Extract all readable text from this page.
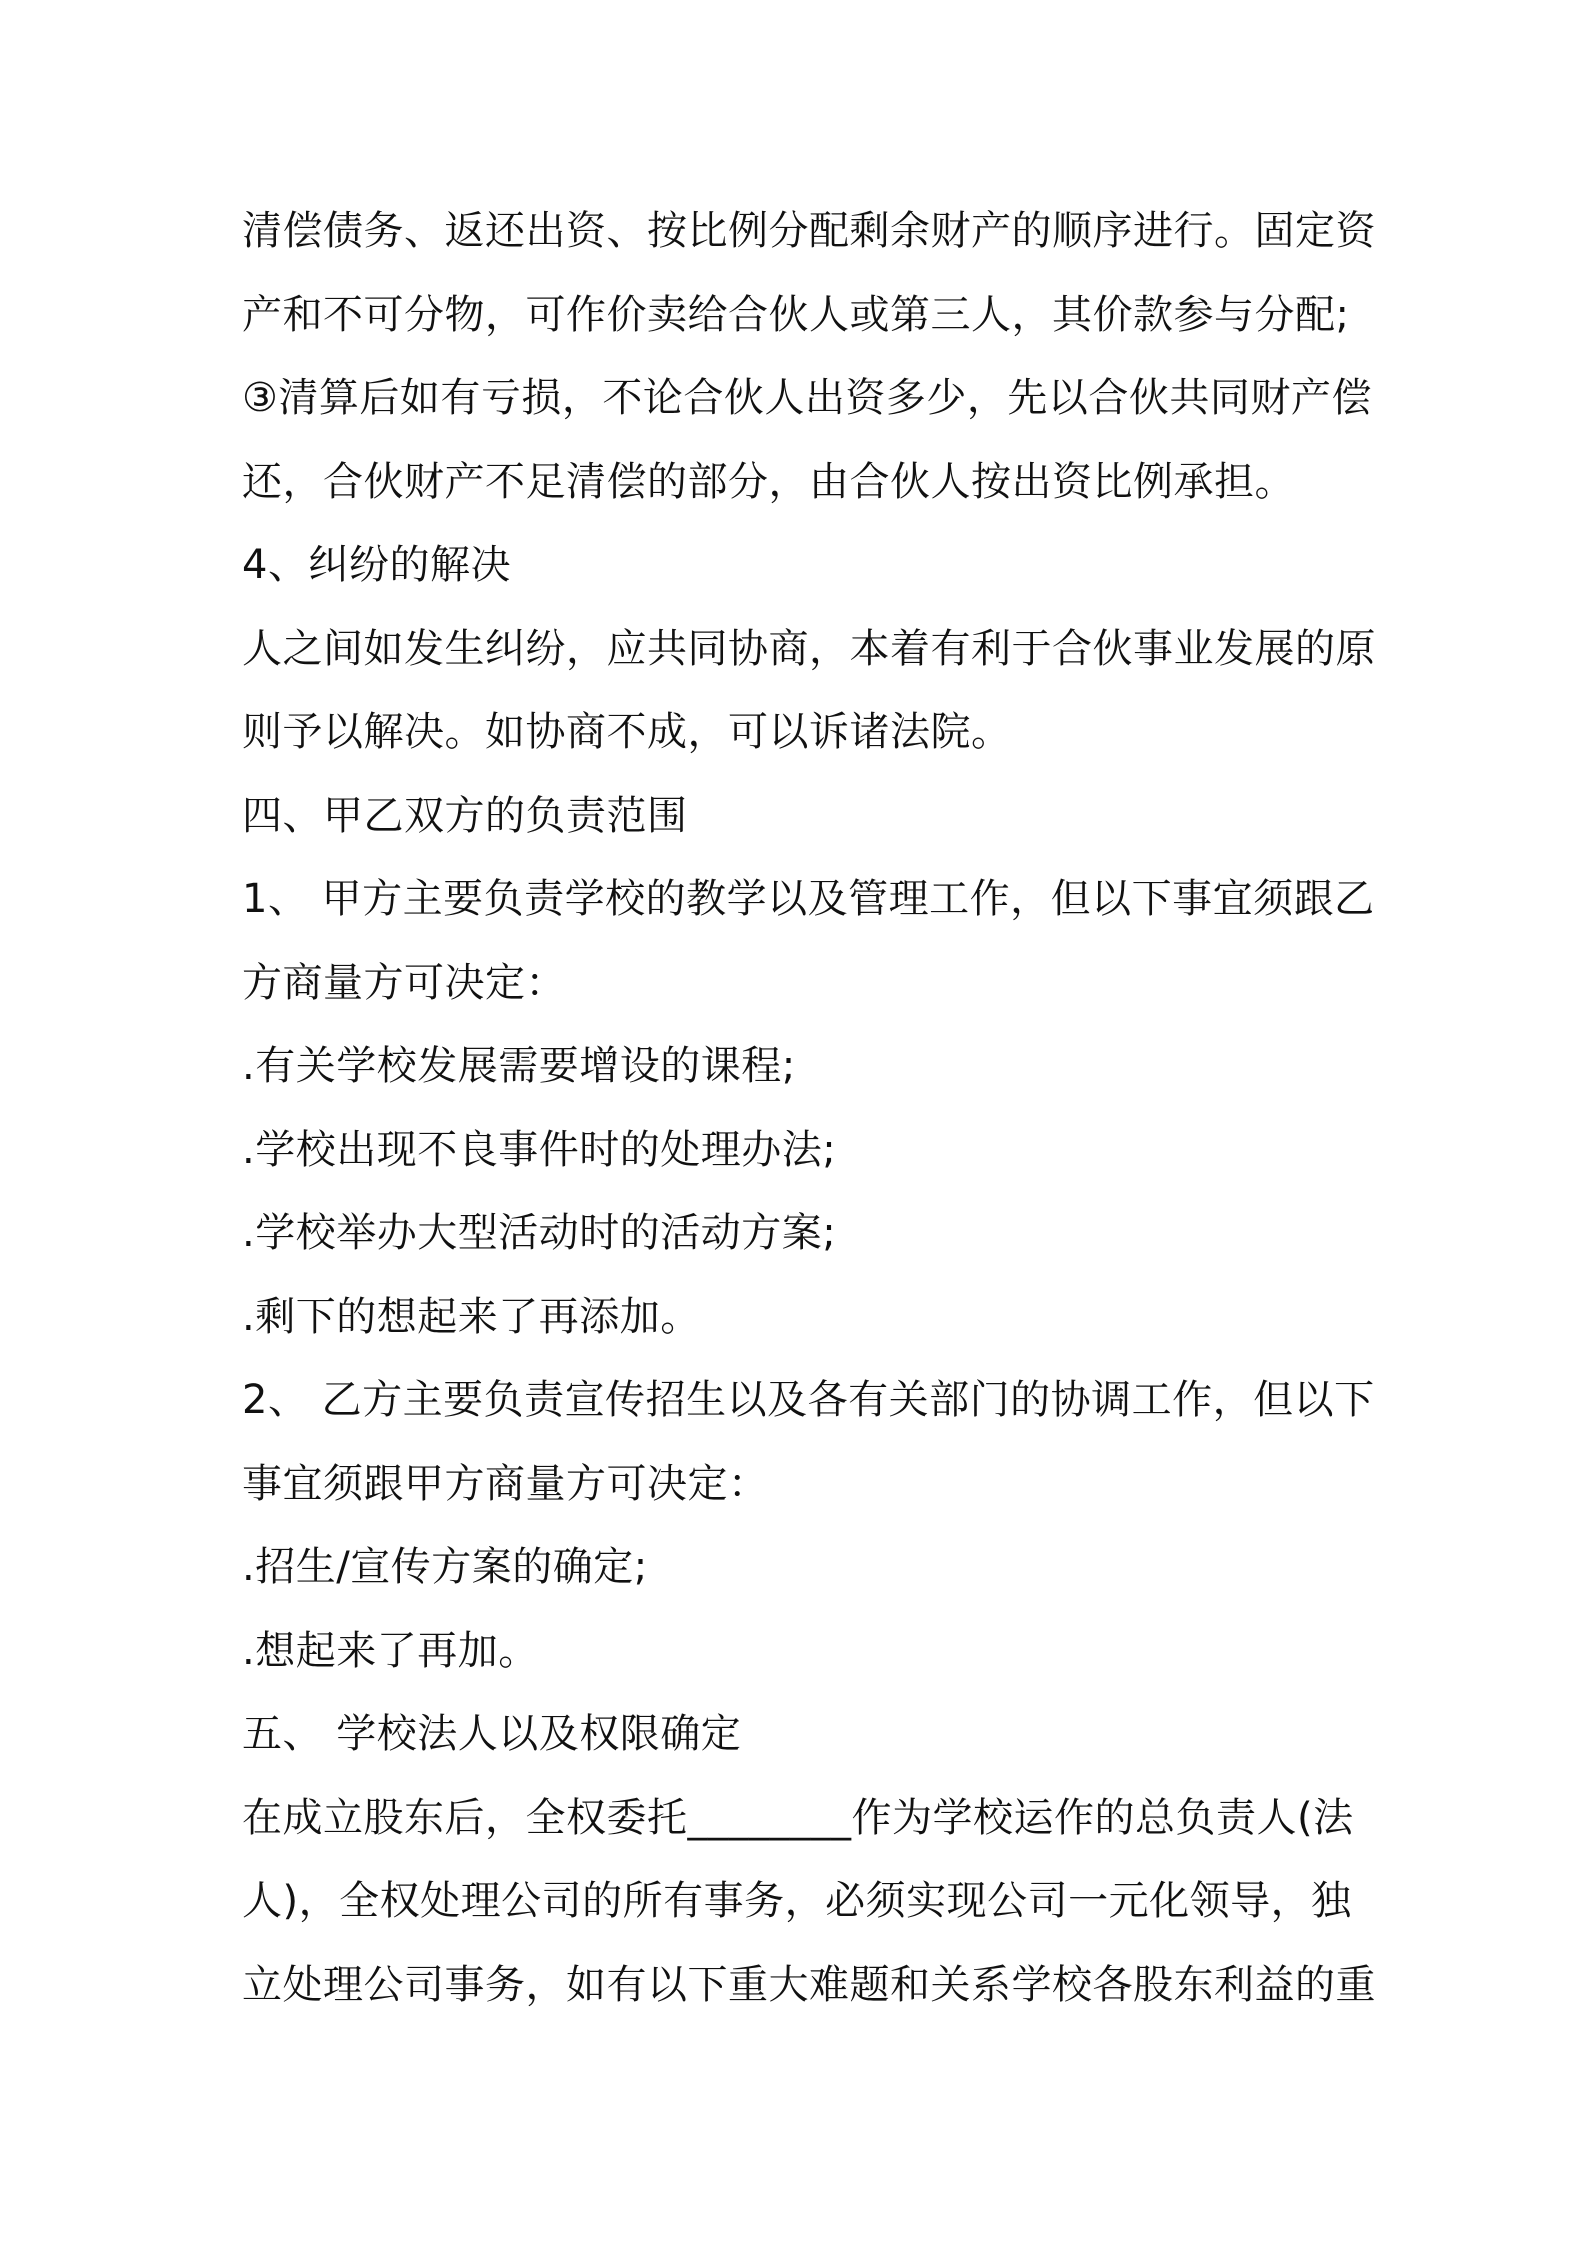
清偿债务、返还出资、按比例分配剩余财产的顺序进行。固定资
产和不可分物，可作价卖给合伙人或第三人，其价款参与分配;
③清算后如有亏损，不论合伙人出资多少，先以合伙共同财产偿
还，合伙财产不足清偿的部分，由合伙人按出资比例承担。
4、纠纷的解决
人之间如发生纠纷，应共同协商，本着有利于合伙事业发展的原
则予以解决。如协商不成，可以诉诸法院。
四、甲乙双方的负责范围
1、 甲方主要负责学校的教学以及管理工作，但以下事宜须跟乙
方商量方可决定：
.有关学校发展需要增设的课程;
.学校出现不良事件时的处理办法;
.学校举办大型活动时的活动方案;
.剩下的想起来了再添加。
2、 乙方主要负责宣传招生以及各有关部门的协调工作，但以下
事宜须跟甲方商量方可决定：
.招生/宣传方案的确定;
.想起来了再加。
五、 学校法人以及权限确定
在成立股东后，全权委托________作为学校运作的总负责人(法
人)，全权处理公司的所有事务，必须实现公司一元化领导，独
立处理公司事务，如有以下重大难题和关系学校各股东利益的重
